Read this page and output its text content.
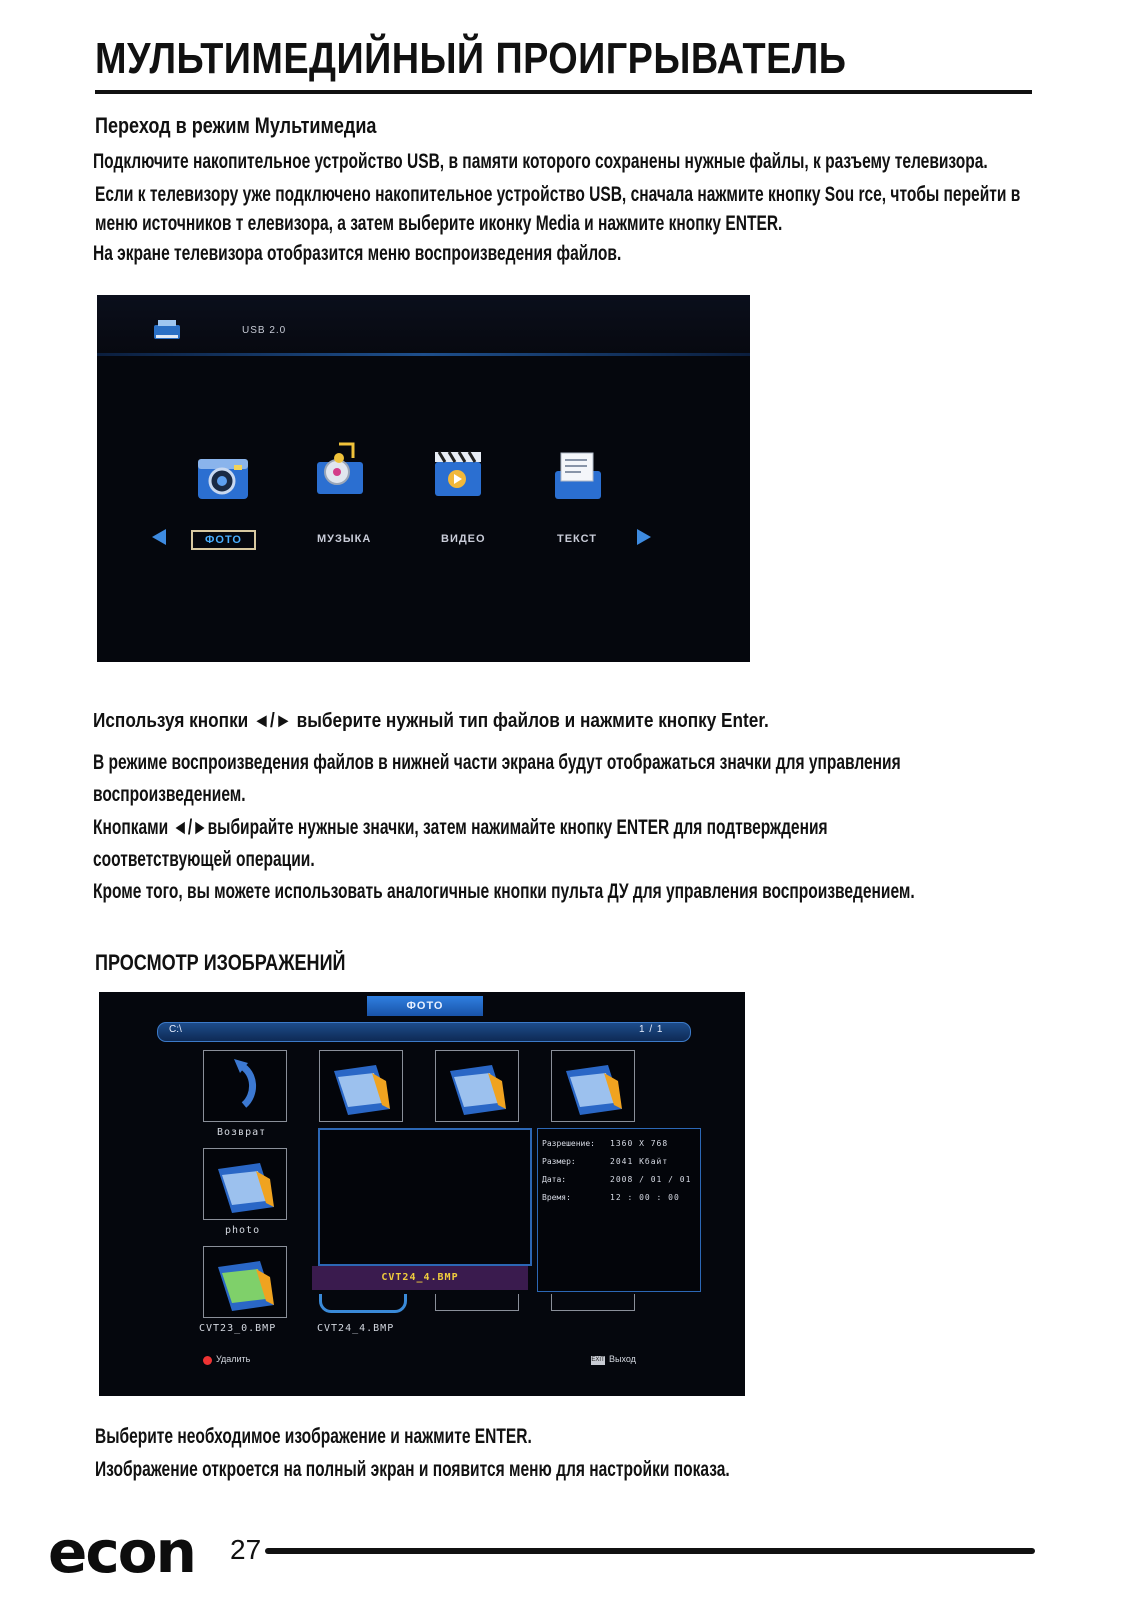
МУЛЬТИМЕДИЙНЫЙ ПРОИГРЫВАТЕЛЬ
Переход в режим Мультимедиа
Подключите накопительное устройство USB, в памяти которого сохранены нужные файлы, к разъему телевизора.
Если к телевизору уже подключено накопительное устройство USB, сначала нажмите кнопку Sou rce, чтобы перейти в
меню источников т елевизора, а затем выберите иконку Media и нажмите кнопку ENTER.
На экране телевизора отобразится меню воспроизведения файлов.
USB 2.0
ФОТО	МУЗЫКА	ВИДЕО	ТЕКСТ
Используя кнопки ◄/► выберите нужный тип файлов и нажмите кнопку Enter.
В режиме воспроизведения файлов в нижней части экрана будут отображаться значки для управления
воспроизведением.
Кнопками ◄/►выбирайте нужные значки, затем нажимайте кнопку ENTER для подтверждения
соответствующей операции.
Кроме того, вы можете использовать аналогичные кнопки пульта ДУ для управления воспроизведением.
ПРОСМОТР ИЗОБРАЖЕНИЙ
ФОТО
C:\	1 / 1
Возврат
photo
CVT23_0.BMP
CVT24_4.BMP
Разрешение: 1360 X 768
Размер:	2041 Кбайт
Дата:	2008 / 01 / 01
Время:	12 : 00 : 00
CVT24_4.BMP
Удалить	EXIT Выход
Выберите необходимое изображение и нажмите ENTER.
Изображение откроется на полный экран и появится меню для настройки показа.
econ 27
